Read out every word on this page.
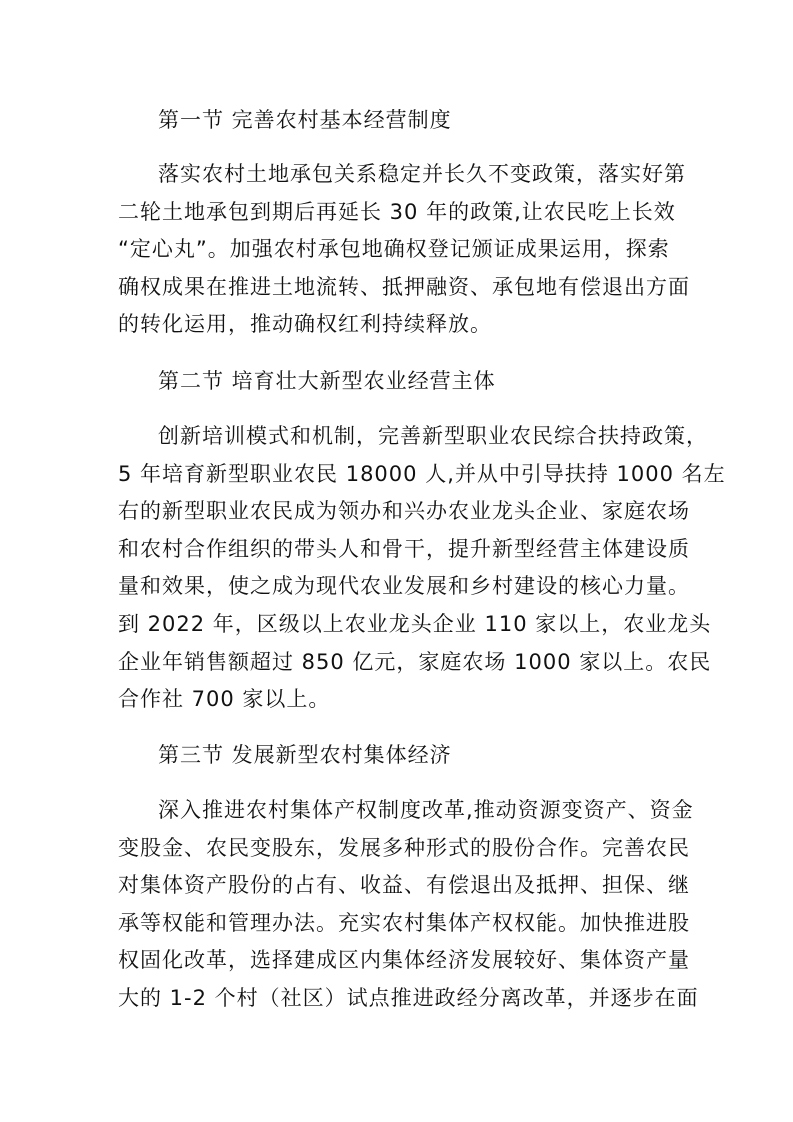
第一节 完善农村基本经营制度
落实农村土地承包关系稳定并长久不变政策，落实好第
二轮土地承包到期后再延长 30 年的政策,让农民吃上长效
“定心丸”。加强农村承包地确权登记颁证成果运用，探索
确权成果在推进土地流转、抵押融资、承包地有偿退出方面
的转化运用，推动确权红利持续释放。
第二节 培育壮大新型农业经营主体
创新培训模式和机制，完善新型职业农民综合扶持政策，
5 年培育新型职业农民 18000 人,并从中引导扶持 1000 名左
右的新型职业农民成为领办和兴办农业龙头企业、家庭农场
和农村合作组织的带头人和骨干，提升新型经营主体建设质
量和效果，使之成为现代农业发展和乡村建设的核心力量。
到 2022 年，区级以上农业龙头企业 110 家以上，农业龙头
企业年销售额超过 850 亿元，家庭农场 1000 家以上。农民
合作社 700 家以上。
第三节 发展新型农村集体经济
深入推进农村集体产权制度改革,推动资源变资产、资金
变股金、农民变股东，发展多种形式的股份合作。完善农民
对集体资产股份的占有、收益、有偿退出及抵押、担保、继
承等权能和管理办法。充实农村集体产权权能。加快推进股
权固化改革，选择建成区内集体经济发展较好、集体资产量
大的 1-2 个村（社区）试点推进政经分离改革，并逐步在面
